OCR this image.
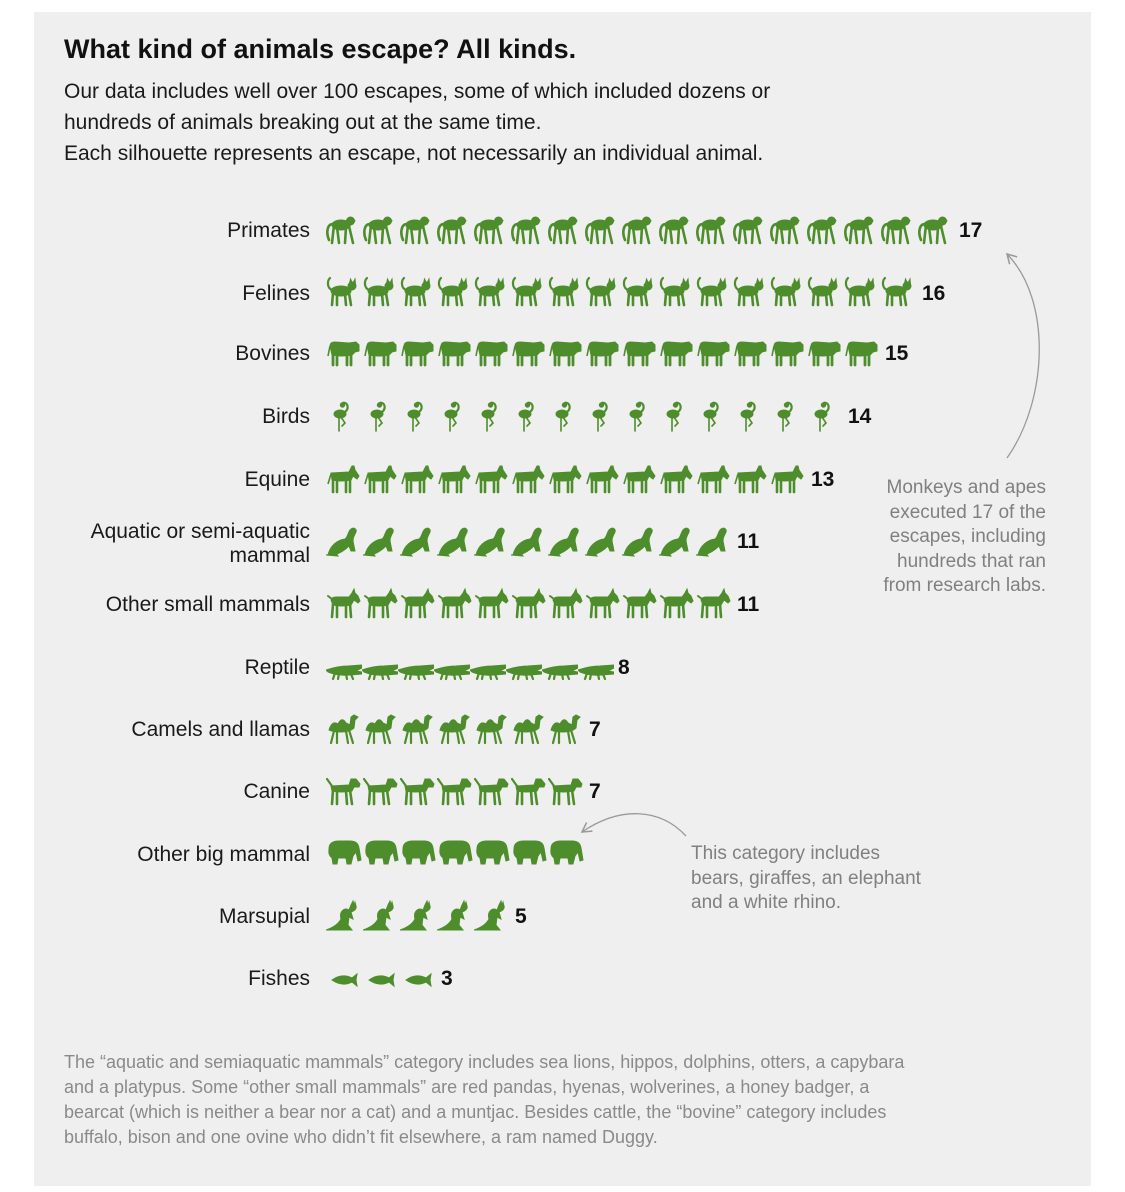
What kind of animals escape? All kinds.
Our data includes well over 100 escapes, some of which included dozens or
hundreds of animals breaking out at the same time.
Each silhouette represents an escape, not necessarily an individual animal.
Primates	17
Felines	16
Bovines	15
Birds	14
Equine	13
Aquatic or semi-aquatic
mammal
11
Other small mammals	11
Reptile	8
Camels and llamas	7
Canine	7
Other big mammal
Marsupial	5
Fishes	3
Monkeys and apes
executed 17 of the
escapes, including
hundreds that ran
from research labs.
This category includes
bears, giraffes, an elephant
and a white rhino.
The “aquatic and semiaquatic mammals” category includes sea lions, hippos, dolphins, otters, a capybara
and a platypus. Some “other small mammals” are red pandas, hyenas, wolverines, a honey badger, a
bearcat (which is neither a bear nor a cat) and a muntjac. Besides cattle, the “bovine” category includes
buffalo, bison and one ovine who didn’t fit elsewhere, a ram named Duggy.
